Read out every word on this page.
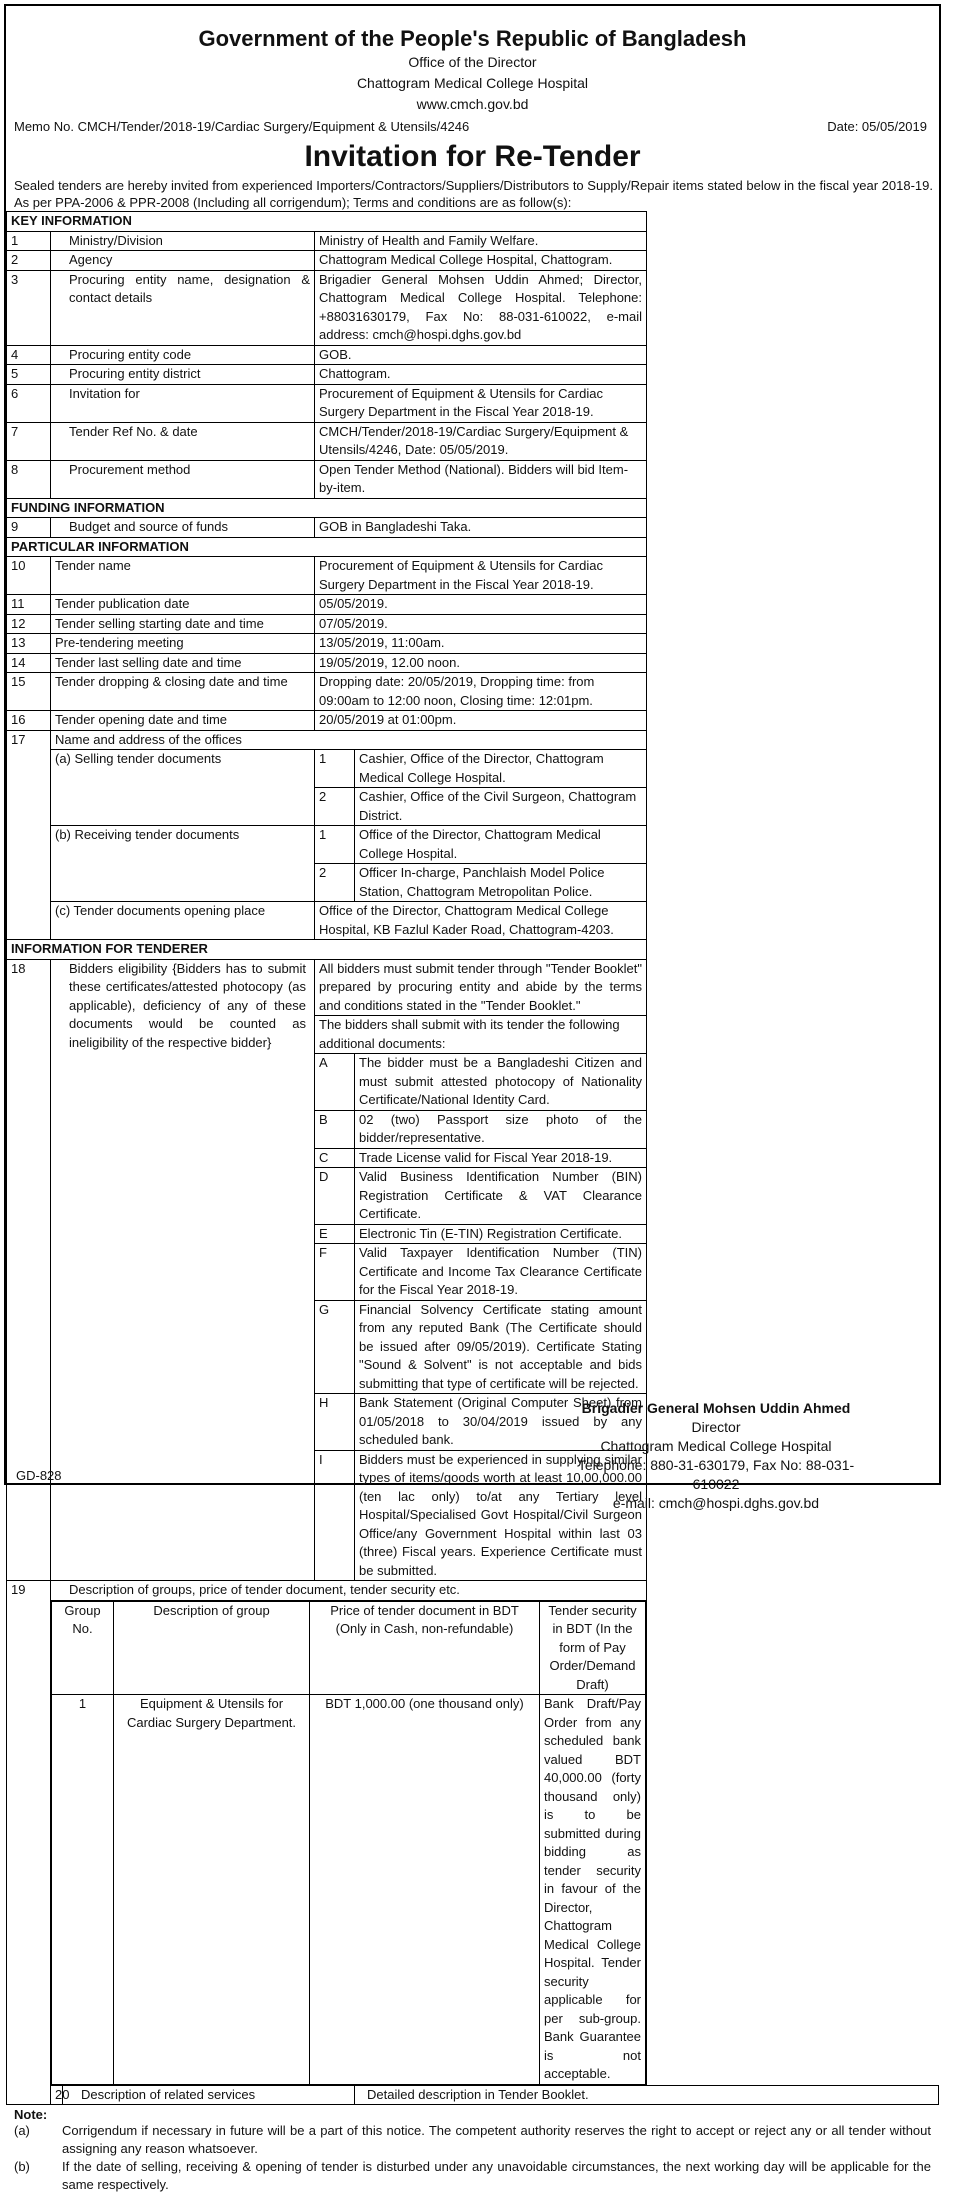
Government of the People's Republic of Bangladesh
Office of the Director
Chattogram Medical College Hospital
www.cmch.gov.bd
Memo No. CMCH/Tender/2018-19/Cardiac Surgery/Equipment & Utensils/4246	Date: 05/05/2019
Invitation for Re-Tender
Sealed tenders are hereby invited from experienced Importers/Contractors/Suppliers/Distributors to Supply/Repair items stated below in the fiscal year 2018-19. As per PPA-2006 & PPR-2008 (Including all corrigendum); Terms and conditions are as follow(s):
KEY INFORMATION
1	Ministry/Division	Ministry of Health and Family Welfare.
2	Agency	Chattogram Medical College Hospital, Chattogram.
3	Procuring entity name, designation & contact details	Brigadier General Mohsen Uddin Ahmed; Director, Chattogram Medical College Hospital. Telephone: +88031630179, Fax No: 88-031-610022, e-mail address: cmch@hospi.dghs.gov.bd
4	Procuring entity code	GOB.
5	Procuring entity district	Chattogram.
6	Invitation for	Procurement of Equipment & Utensils for Cardiac Surgery Department in the Fiscal Year 2018-19.
7	Tender Ref No. & date	CMCH/Tender/2018-19/Cardiac Surgery/Equipment & Utensils/4246, Date: 05/05/2019.
8	Procurement method	Open Tender Method (National). Bidders will bid Item-by-item.
FUNDING INFORMATION
9	Budget and source of funds	GOB in Bangladeshi Taka.
PARTICULAR INFORMATION
10	Tender name	Procurement of Equipment & Utensils for Cardiac Surgery Department in the Fiscal Year 2018-19.
11	Tender publication date	05/05/2019.
12	Tender selling starting date and time	07/05/2019.
13	Pre-tendering meeting	13/05/2019, 11:00am.
14	Tender last selling date and time	19/05/2019, 12.00 noon.
15	Tender dropping & closing date and time	Dropping date: 20/05/2019, Dropping time: from 09:00am to 12:00 noon, Closing time: 12:01pm.
16	Tender opening date and time	20/05/2019 at 01:00pm.
17	Name and address of the offices
(a) Selling tender documents	1	Cashier, Office of the Director, Chattogram Medical College Hospital.
2	Cashier, Office of the Civil Surgeon, Chattogram District.
(b) Receiving tender documents	1	Office of the Director, Chattogram Medical College Hospital.
2	Officer In-charge, Panchlaish Model Police Station, Chattogram Metropolitan Police.
(c) Tender documents opening place	Office of the Director, Chattogram Medical College Hospital, KB Fazlul Kader Road, Chattogram-4203.
INFORMATION FOR TENDERER
18	Bidders eligibility {Bidders has to submit these certificates/attested photocopy (as applicable), deficiency of any of these documents would be counted as ineligibility of the respective bidder}	All bidders must submit tender through "Tender Booklet" prepared by procuring entity and abide by the terms and conditions stated in the "Tender Booklet."
The bidders shall submit with its tender the following additional documents:
A	The bidder must be a Bangladeshi Citizen and must submit attested photocopy of Nationality Certificate/National Identity Card.
B	02 (two) Passport size photo of the bidder/representative.
C	Trade License valid for Fiscal Year 2018-19.
D	Valid Business Identification Number (BIN) Registration Certificate & VAT Clearance Certificate.
E	Electronic Tin (E-TIN) Registration Certificate.
F	Valid Taxpayer Identification Number (TIN) Certificate and Income Tax Clearance Certificate for the Fiscal Year 2018-19.
G	Financial Solvency Certificate stating amount from any reputed Bank (The Certificate should be issued after 09/05/2019). Certificate Stating "Sound & Solvent" is not acceptable and bids submitting that type of certificate will be rejected.
H	Bank Statement (Original Computer Sheet) from 01/05/2018 to 30/04/2019 issued by any scheduled bank.
I	Bidders must be experienced in supplying similar types of items/goods worth at least 10,00,000.00 (ten lac only) to/at any Tertiary level Hospital/Specialised Govt Hospital/Civil Surgeon Office/any Government Hospital within last 03 (three) Fiscal years. Experience Certificate must be submitted.
19	Description of groups, price of tender document, tender security etc.

Group No.	Description of group	Price of tender document in BDT (Only in Cash, non-refundable)	Tender security in BDT (In the form of Pay Order/Demand Draft)
1	Equipment & Utensils for Cardiac Surgery Department.	BDT 1,000.00 (one thousand only)	Bank Draft/Pay Order from any scheduled bank valued BDT 40,000.00 (forty thousand only) is to be submitted during bidding as tender security in favour of the Director, Chattogram Medical College Hospital. Tender security applicable for per sub-group. Bank Guarantee is not acceptable.

20	Description of related services	Detailed description in Tender Booklet.
Note:
(a)	Corrigendum if necessary in future will be a part of this notice. The competent authority reserves the right to accept or reject any or all tender without assigning any reason whatsoever.
(b)	If the date of selling, receiving & opening of tender is disturbed under any unavoidable circumstances, the next working day will be applicable for the same respectively.
Brigadier General Mohsen Uddin Ahmed
Director
Chattogram Medical College Hospital
Telephone: 880-31-630179, Fax No: 88-031-610022
e-mail: cmch@hospi.dghs.gov.bd
GD-828
